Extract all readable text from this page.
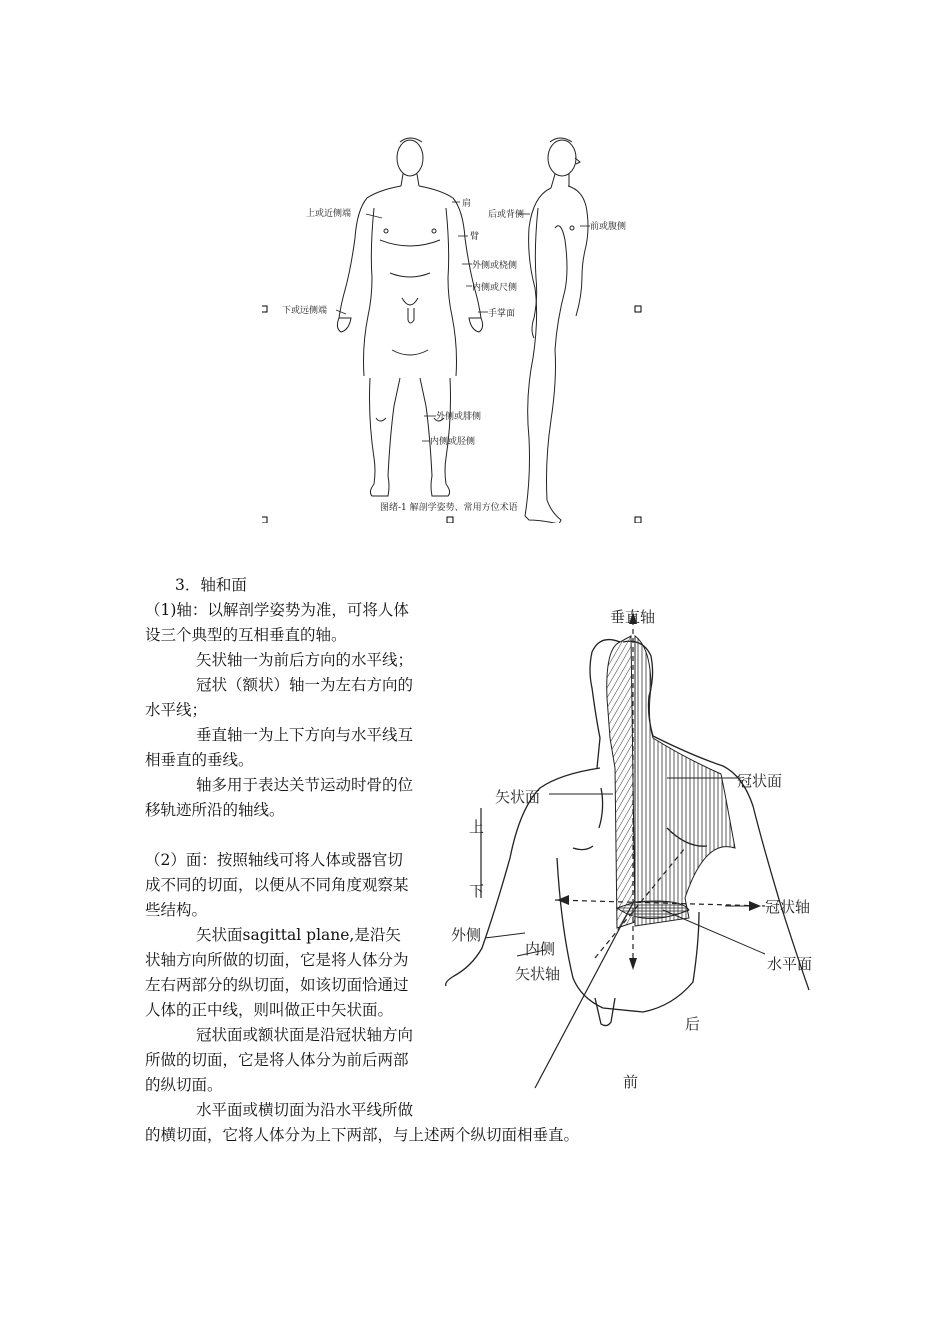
肩
上或近侧端
臂
外侧或桡侧
内侧或尺侧
手掌面
下或远侧端
外侧或腓侧
内侧或胫侧
后或背侧
前或腹侧
图绪-1 解剖学姿势、常用方位术语
3．轴和面
（1)轴：以解剖学姿势为准，可将人体
设三个典型的互相垂直的轴。
矢状轴一为前后方向的水平线；
冠状（额状）轴一为左右方向的
水平线；
垂直轴一为上下方向与水平线互
相垂直的垂线。
轴多用于表达关节运动时骨的位
移轨迹所沿的轴线。
（2）面：按照轴线可将人体或器官切
成不同的切面，以便从不同角度观察某
些结构。
矢状面sagittal plane,是沿矢
状轴方向所做的切面，它是将人体分为
左右两部分的纵切面，如该切面恰通过
人体的正中线，则叫做正中矢状面。
冠状面或额状面是沿冠状轴方向
所做的切面，它是将人体分为前后两部
的纵切面。
水平面或横切面为沿水平线所做
的横切面，它将人体分为上下两部，与上述两个纵切面相垂直。
垂直轴
冠状面
矢状面
上
下
冠状轴
外侧
内侧
矢状轴
水平面
后
前
